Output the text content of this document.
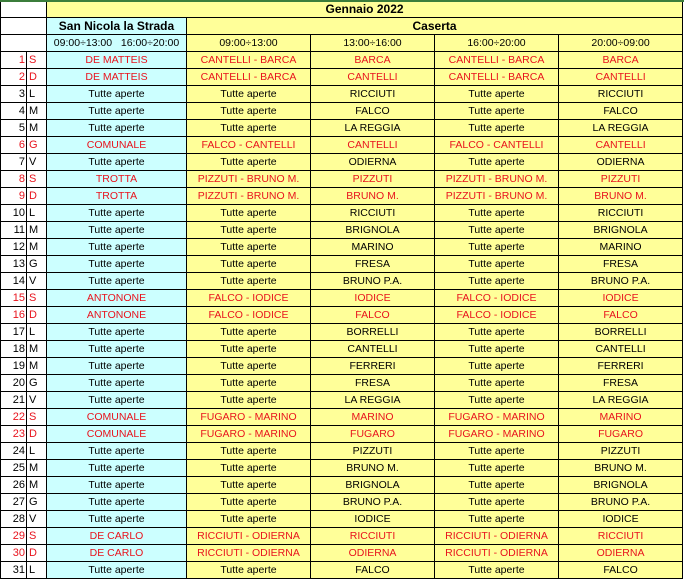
		Gennaio 2022				
		San Nicola la Strada	Caserta			
		09:00÷13:00   16:00÷20:00	09:00÷13:00	13:00÷16:00	16:00÷20:00	20:00÷09:00
1	S	DE MATTEIS	CANTELLI - BARCA	BARCA	CANTELLI - BARCA	BARCA
2	D	DE MATTEIS	CANTELLI - BARCA	CANTELLI	CANTELLI - BARCA	CANTELLI
3	L	Tutte aperte	Tutte aperte	RICCIUTI	Tutte aperte	RICCIUTI
4	M	Tutte aperte	Tutte aperte	FALCO	Tutte aperte	FALCO
5	M	Tutte aperte	Tutte aperte	LA REGGIA	Tutte aperte	LA REGGIA
6	G	COMUNALE	FALCO - CANTELLI	CANTELLI	FALCO - CANTELLI	CANTELLI
7	V	Tutte aperte	Tutte aperte	ODIERNA	Tutte aperte	ODIERNA
8	S	TROTTA	PIZZUTI - BRUNO M.	PIZZUTI	PIZZUTI - BRUNO M.	PIZZUTI
9	D	TROTTA	PIZZUTI - BRUNO M.	BRUNO M.	PIZZUTI - BRUNO M.	BRUNO M.
10	L	Tutte aperte	Tutte aperte	RICCIUTI	Tutte aperte	RICCIUTI
11	M	Tutte aperte	Tutte aperte	BRIGNOLA	Tutte aperte	BRIGNOLA
12	M	Tutte aperte	Tutte aperte	MARINO	Tutte aperte	MARINO
13	G	Tutte aperte	Tutte aperte	FRESA	Tutte aperte	FRESA
14	V	Tutte aperte	Tutte aperte	BRUNO P.A.	Tutte aperte	BRUNO P.A.
15	S	ANTONONE	FALCO - IODICE	IODICE	FALCO - IODICE	IODICE
16	D	ANTONONE	FALCO - IODICE	FALCO	FALCO - IODICE	FALCO
17	L	Tutte aperte	Tutte aperte	BORRELLI	Tutte aperte	BORRELLI
18	M	Tutte aperte	Tutte aperte	CANTELLI	Tutte aperte	CANTELLI
19	M	Tutte aperte	Tutte aperte	FERRERI	Tutte aperte	FERRERI
20	G	Tutte aperte	Tutte aperte	FRESA	Tutte aperte	FRESA
21	V	Tutte aperte	Tutte aperte	LA REGGIA	Tutte aperte	LA REGGIA
22	S	COMUNALE	FUGARO - MARINO	MARINO	FUGARO - MARINO	MARINO
23	D	COMUNALE	FUGARO - MARINO	FUGARO	FUGARO - MARINO	FUGARO
24	L	Tutte aperte	Tutte aperte	PIZZUTI	Tutte aperte	PIZZUTI
25	M	Tutte aperte	Tutte aperte	BRUNO M.	Tutte aperte	BRUNO M.
26	M	Tutte aperte	Tutte aperte	BRIGNOLA	Tutte aperte	BRIGNOLA
27	G	Tutte aperte	Tutte aperte	BRUNO P.A.	Tutte aperte	BRUNO P.A.
28	V	Tutte aperte	Tutte aperte	IODICE	Tutte aperte	IODICE
29	S	DE CARLO	RICCIUTI - ODIERNA	RICCIUTI	RICCIUTI - ODIERNA	RICCIUTI
30	D	DE CARLO	RICCIUTI - ODIERNA	ODIERNA	RICCIUTI - ODIERNA	ODIERNA
31	L	Tutte aperte	Tutte aperte	FALCO	Tutte aperte	FALCO
